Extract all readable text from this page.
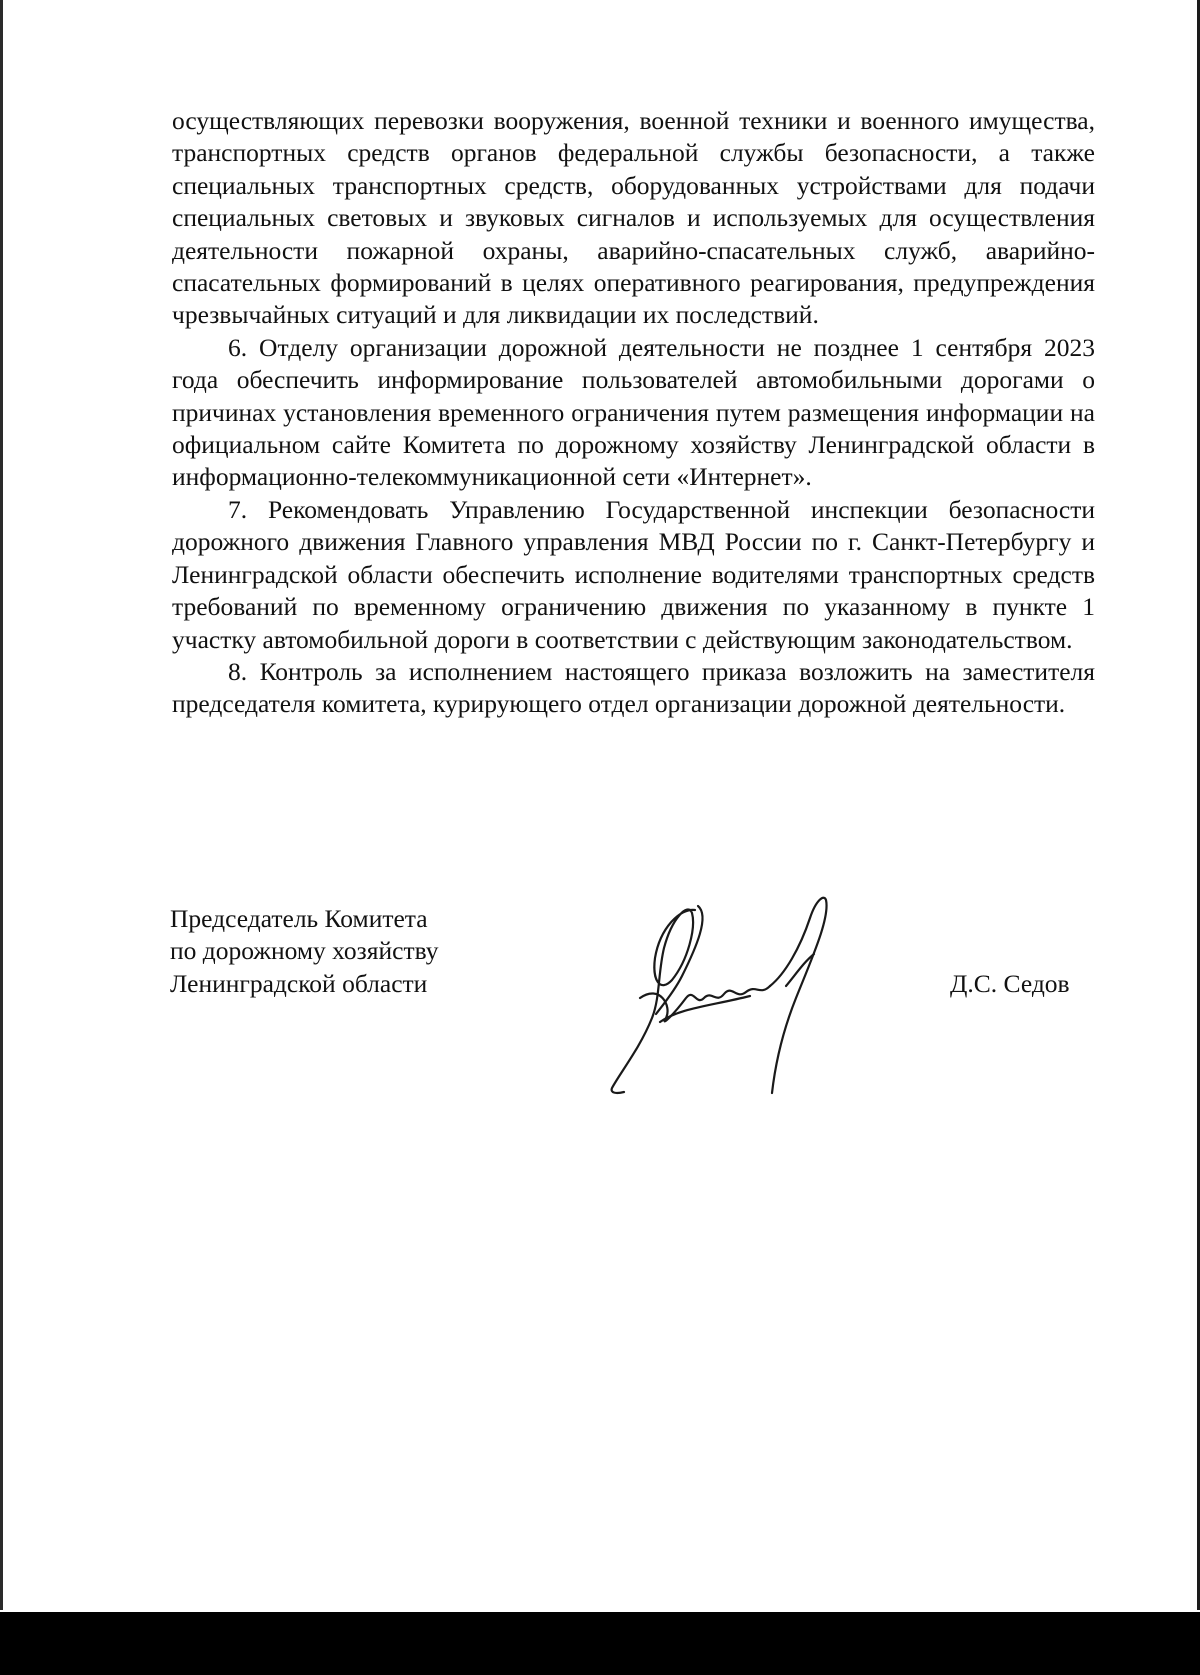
осуществляющих перевозки вооружения, военной техники и военного имущества, транспортных средств органов федеральной службы безопасности, а также специальных транспортных средств, оборудованных устройствами для подачи специальных световых и звуковых сигналов и используемых для осуществления деятельности пожарной охраны, аварийно-спасательных служб, аварийно-спасательных формирований в целях оперативного реагирования, предупреждения чрезвычайных ситуаций и для ликвидации их последствий.

6. Отделу организации дорожной деятельности не позднее 1 сентября 2023 года обеспечить информирование пользователей автомобильными дорогами о причинах установления временного ограничения путем размещения информации на официальном сайте Комитета по дорожному хозяйству Ленинградской области в информационно-телекоммуникационной сети «Интернет».

7. Рекомендовать Управлению Государственной инспекции безопасности дорожного движения Главного управления МВД России по г. Санкт-Петербургу и Ленинградской области обеспечить исполнение водителями транспортных средств требований по временному ограничению движения по указанному в пункте 1 участку автомобильной дороги в соответствии с действующим законодательством.

8. Контроль за исполнением настоящего приказа возложить на заместителя председателя комитета, курирующего отдел организации дорожной деятельности.

Председатель Комитета
по дорожному хозяйству
Ленинградской области	Д.С. Седов
